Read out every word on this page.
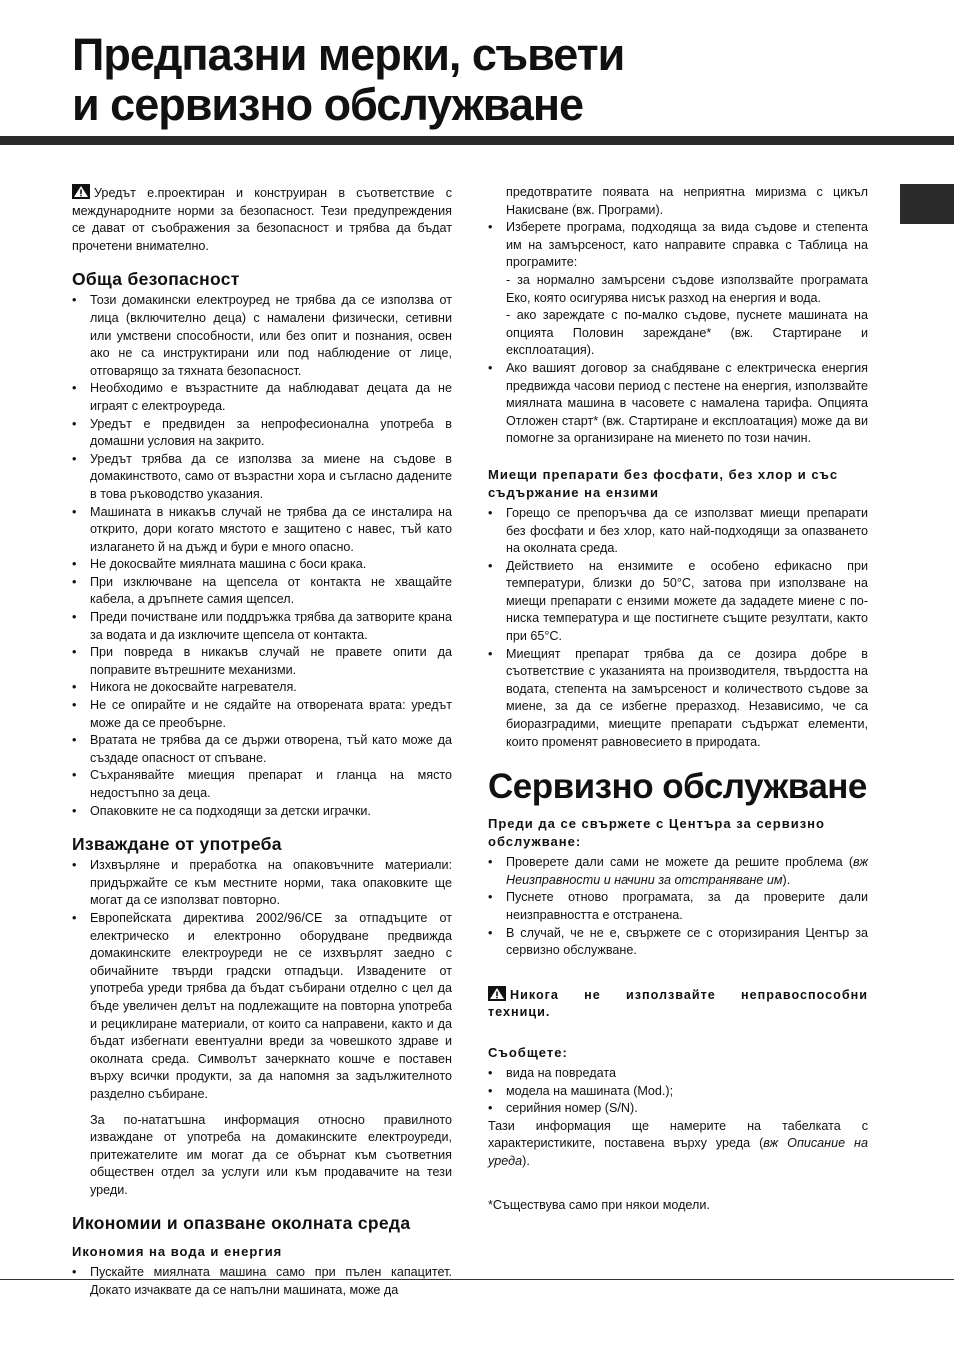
Предпазни мерки, съвети
и сервизно обслужване

Уредът е.проектиран и конструиран в съответствие с международните норми за безопасност. Тези предупреждения се дават от съображения за безопасност и трябва да бъдат прочетени внимателно.

Обща безопасност
• Този домакински електроуред не трябва да се използва от лица (включително деца) с намалени физически, сетивни или умствени способности, или без опит и познания, освен ако не са инструктирани или под наблюдение от лице, отговарящо за тяхната безопасност.
• Необходимо е възрастните да наблюдават децата да не играят с електроуреда.
• Уредът е предвиден за непрофесионална употреба в домашни условия на закрито.
• Уредът трябва да се използва за миене на съдове в домакинството, само от възрастни хора и съгласно дадените в това ръководство указания.
• Машината в никакъв случай не трябва да се инсталира на открито, дори когато мястото е защитено с навес, тъй като излагането й на дъжд и бури е много опасно.
• Не докосвайте миялната машина с боси крака.
• При изключване на щепсела от контакта не хващайте кабела, а дръпнете самия щепсел.
• Преди почистване или поддръжка трябва да затворите крана за водата и да изключите щепсела от контакта.
• При повреда в никакъв случай не правете опити да поправите вътрешните механизми.
• Никога не докосвайте нагревателя.
• Не се опирайте и не сядайте на отворената врата: уредът може да се преобърне.
• Вратата не трябва да се държи отворена, тъй като може да създаде опасност от спъване.
• Съхранявайте миещия препарат и гланца на място недостъпно за деца.
• Опаковките не са подходящи за детски играчки.
Изваждане от употреба
• Изхвърляне и преработка на опаковъчните материали: придържайте се към местните норми, така опаковките ще могат да се използват повторно.
• Европейската директива 2002/96/CE за отпадъците от електрическо и електронно оборудване предвижда домакинските електроуреди не се изхвърлят заедно с обичайните твърди градски отпадъци. Извадените от употреба уреди трябва да бъдат събирани отделно с цел да бъде увеличен делът на подлежащите на повторна употреба и рециклиране материали, от които са направени, както и да бъдат избегнати евентуални вреди за човешкото здраве и околната среда. Символът зачеркнато кошче е поставен върху всички продукти, за да напомня за задължителното разделно събиране.

За по-нататъшна информация относно правилното изваждане от употреба на домакинските електроуреди, притежателите им могат да се обърнат към съответния обществен отдел за услуги или към продавачите на тези уреди.

Икономии и опазване околната среда
Икономия на вода и енергия
• Пускайте миялната машина само при пълен капацитет. Докато изчаквате да се напълни машината, може да

предотвратите появата на неприятна миризма с цикъл Накисване (вж. Програми).

• Изберете програма, подходяща за вида съдове и степента им на замърсеност, като направите справка с Таблица на програмите:
- за нормално замърсени съдове използвайте програмата Еко, която осигурява нисък разход на енергия и вода.
- ако зареждате с по-малко съдове, пуснете машината на опцията Половин зареждане* (вж. Стартиране и експлоатация).
• Ако вашият договор за снабдяване с електрическа енергия предвижда часови период с пестене на енергия, използвайте миялната машина в часовете с намалена тарифа. Опцията Отложен старт* (вж. Стартиране и експлоатация) може да ви помогне за организиране на миенето по този начин.
Миещи препарати без фосфати, без хлор и със съдържание на ензими
• Горещо се препоръчва да се използват миещи препарати без фосфати и без хлор, като най-подходящи за опазването на околната среда.
• Действието на ензимите е особено ефикасно при температури, близки до 50°C, затова при използване на миещи препарати с ензими можете да зададете миене с по-ниска температура и ще постигнете същите резултати, както при 65°C.
• Миещият препарат трябва да се дозира добре в съответствие с указанията на производителя, твърдостта на водата, степента на замърсеност и количеството съдове за миене, за да се избегне преразход. Независимо, че са биоразградими, миещите препарати съдържат елементи, които променят равновесието в природата.
Сервизно обслужване
Преди да се свържете с Центъра за сервизно обслужване:
• Проверете дали сами не можете да решите проблема (вж Неизправности и начини за отстраняване им).
• Пуснете отново програмата, за да проверите дали неизправността е отстранена.
• В случай, че не е, свържете се с оторизирания Център за сервизно обслужване.

Никога не използвайте неправоспособни техници.

Съобщете:
• вида на повредата
• модела на машината (Mod.);
• серийния номер (S/N).

Тази информация ще намерите на табелката с характеристиките, поставена върху уреда (вж Описание на уреда).

*Съществува само при някои модели.
